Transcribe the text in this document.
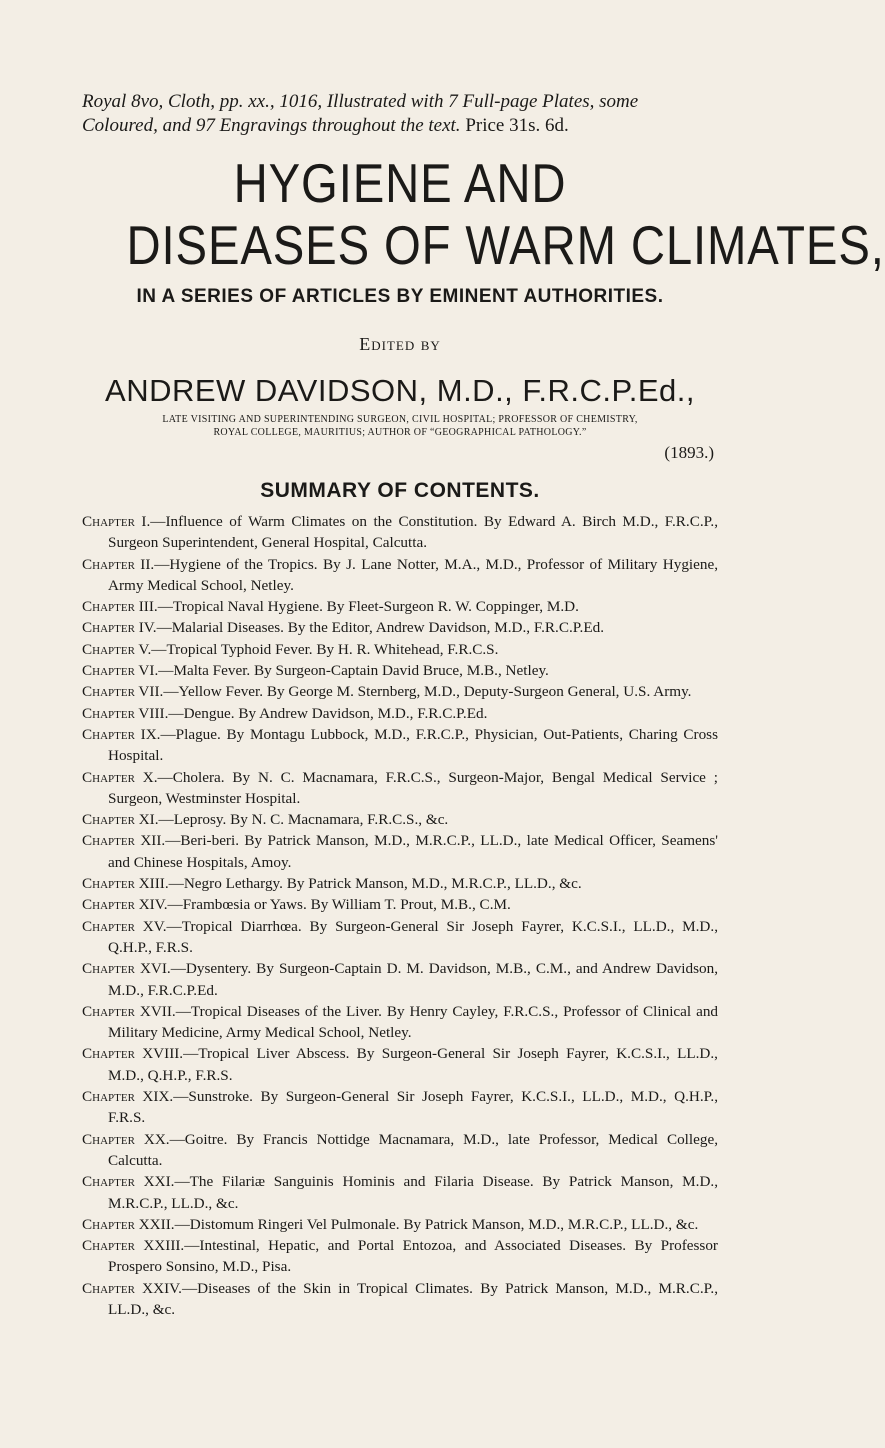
Royal 8vo, Cloth, pp. xx., 1016, Illustrated with 7 Full-page Plates, some Coloured, and 97 Engravings throughout the text. Price 31s. 6d.

HYGIENE AND
DISEASES OF WARM CLIMATES,
IN A SERIES OF ARTICLES BY EMINENT AUTHORITIES.
Edited by
ANDREW DAVIDSON, M.D., F.R.C.P.Ed.,
LATE VISITING AND SUPERINTENDING SURGEON, CIVIL HOSPITAL; PROFESSOR OF CHEMISTRY,
ROYAL COLLEGE, MAURITIUS; AUTHOR OF “GEOGRAPHICAL PATHOLOGY.”
(1893.)
SUMMARY OF CONTENTS.
Chapter I.—Influence of Warm Climates on the Constitution. By Edward A. Birch M.D., F.R.C.P., Surgeon Superintendent, General Hospital, Calcutta.
Chapter II.—Hygiene of the Tropics. By J. Lane Notter, M.A., M.D., Professor of Military Hygiene, Army Medical School, Netley.
Chapter III.—Tropical Naval Hygiene. By Fleet-Surgeon R. W. Coppinger, M.D.
Chapter IV.—Malarial Diseases. By the Editor, Andrew Davidson, M.D., F.R.C.P.Ed.
Chapter V.—Tropical Typhoid Fever. By H. R. Whitehead, F.R.C.S.
Chapter VI.—Malta Fever. By Surgeon-Captain David Bruce, M.B., Netley.
Chapter VII.—Yellow Fever. By George M. Sternberg, M.D., Deputy-Surgeon General, U.S. Army.
Chapter VIII.—Dengue. By Andrew Davidson, M.D., F.R.C.P.Ed.
Chapter IX.—Plague. By Montagu Lubbock, M.D., F.R.C.P., Physician, Out-Patients, Charing Cross Hospital.
Chapter X.—Cholera. By N. C. Macnamara, F.R.C.S., Surgeon-Major, Bengal Medical Service ; Surgeon, Westminster Hospital.
Chapter XI.—Leprosy. By N. C. Macnamara, F.R.C.S., &c.
Chapter XII.—Beri-beri. By Patrick Manson, M.D., M.R.C.P., LL.D., late Medical Officer, Seamens' and Chinese Hospitals, Amoy.
Chapter XIII.—Negro Lethargy. By Patrick Manson, M.D., M.R.C.P., LL.D., &c.
Chapter XIV.—Frambœsia or Yaws. By William T. Prout, M.B., C.M.
Chapter XV.—Tropical Diarrhœa. By Surgeon-General Sir Joseph Fayrer, K.C.S.I., LL.D., M.D., Q.H.P., F.R.S.
Chapter XVI.—Dysentery. By Surgeon-Captain D. M. Davidson, M.B., C.M., and Andrew Davidson, M.D., F.R.C.P.Ed.
Chapter XVII.—Tropical Diseases of the Liver. By Henry Cayley, F.R.C.S., Professor of Clinical and Military Medicine, Army Medical School, Netley.
Chapter XVIII.—Tropical Liver Abscess. By Surgeon-General Sir Joseph Fayrer, K.C.S.I., LL.D., M.D., Q.H.P., F.R.S.
Chapter XIX.—Sunstroke. By Surgeon-General Sir Joseph Fayrer, K.C.S.I., LL.D., M.D., Q.H.P., F.R.S.
Chapter XX.—Goitre. By Francis Nottidge Macnamara, M.D., late Professor, Medical College, Calcutta.
Chapter XXI.—The Filariæ Sanguinis Hominis and Filaria Disease. By Patrick Manson, M.D., M.R.C.P., LL.D., &c.
Chapter XXII.—Distomum Ringeri Vel Pulmonale. By Patrick Manson, M.D., M.R.C.P., LL.D., &c.
Chapter XXIII.—Intestinal, Hepatic, and Portal Entozoa, and Associated Diseases. By Professor Prospero Sonsino, M.D., Pisa.
Chapter XXIV.—Diseases of the Skin in Tropical Climates. By Patrick Manson, M.D., M.R.C.P., LL.D., &c.
